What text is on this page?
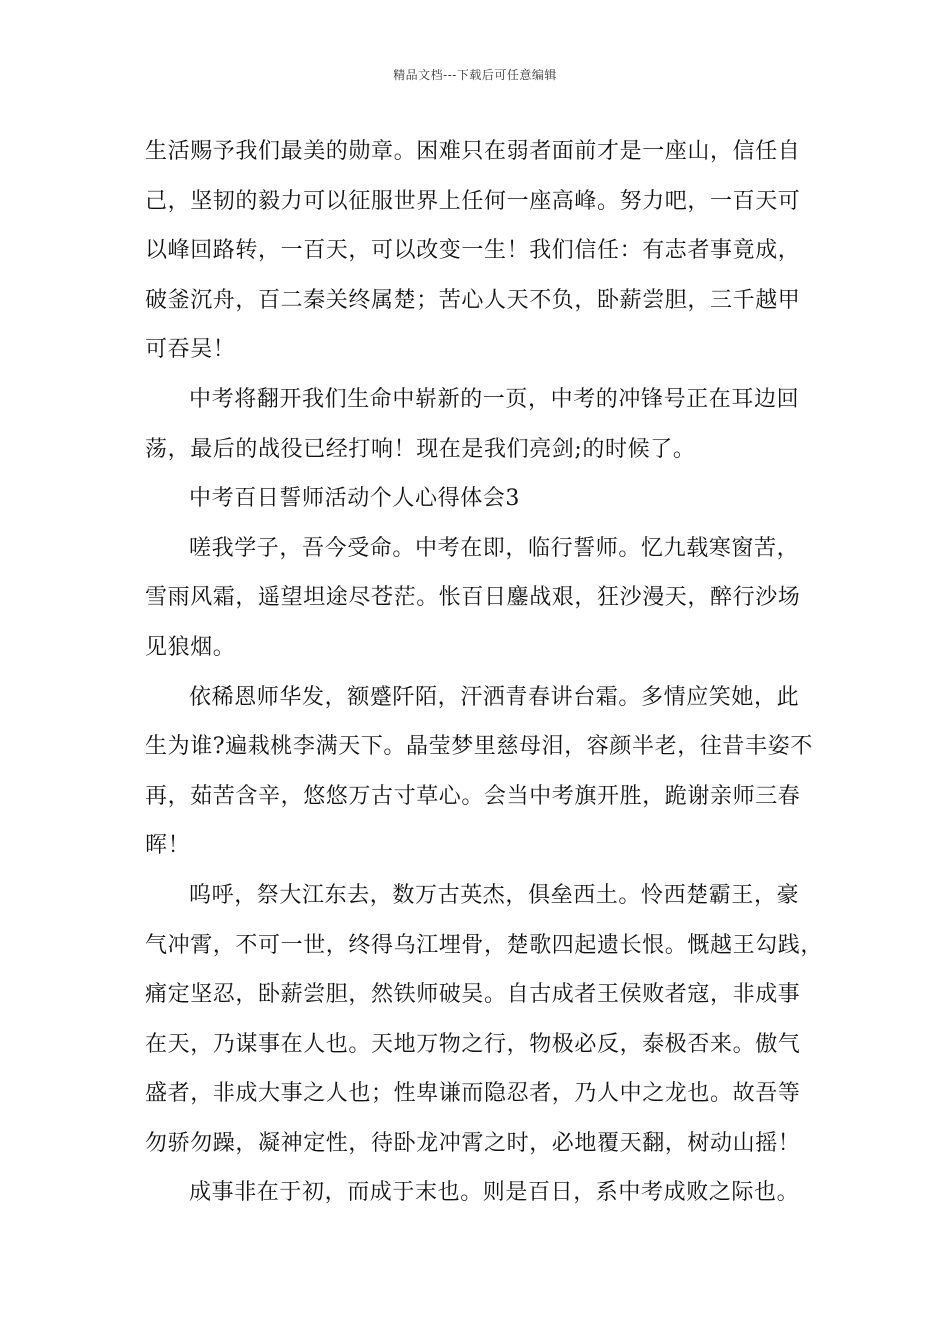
精品文档---下载后可任意编辑
生活赐予我们最美的勋章。困难只在弱者面前才是一座山，信任自
己，坚韧的毅力可以征服世界上任何一座高峰。努力吧，一百天可
以峰回路转，一百天，可以改变一生！我们信任：有志者事竟成，
破釜沉舟，百二秦关终属楚；苦心人天不负，卧薪尝胆，三千越甲
可吞吴！
中考将翻开我们生命中崭新的一页，中考的冲锋号正在耳边回
荡，最后的战役已经打响！现在是我们亮剑;的时候了。
中考百日誓师活动个人心得体会3
嗟我学子，吾今受命。中考在即，临行誓师。忆九载寒窗苦，
雪雨风霜，遥望坦途尽苍茫。怅百日鏖战艰，狂沙漫天，醉行沙场
见狼烟。
依稀恩师华发，额蹙阡陌，汗洒青春讲台霜。多情应笑她，此
生为谁?遍栽桃李满天下。晶莹梦里慈母泪，容颜半老，往昔丰姿不
再，茹苦含辛，悠悠万古寸草心。会当中考旗开胜，跪谢亲师三春
晖！
呜呼，祭大江东去，数万古英杰，俱垒西土。怜西楚霸王，豪
气冲霄，不可一世，终得乌江埋骨，楚歌四起遗长恨。慨越王勾践，
痛定坚忍，卧薪尝胆，然铁师破吴。自古成者王侯败者寇，非成事
在天，乃谋事在人也。天地万物之行，物极必反，泰极否来。傲气
盛者，非成大事之人也；性卑谦而隐忍者，乃人中之龙也。故吾等
勿骄勿躁，凝神定性，待卧龙冲霄之时，必地覆天翻，树动山摇！
成事非在于初，而成于末也。则是百日，系中考成败之际也。
